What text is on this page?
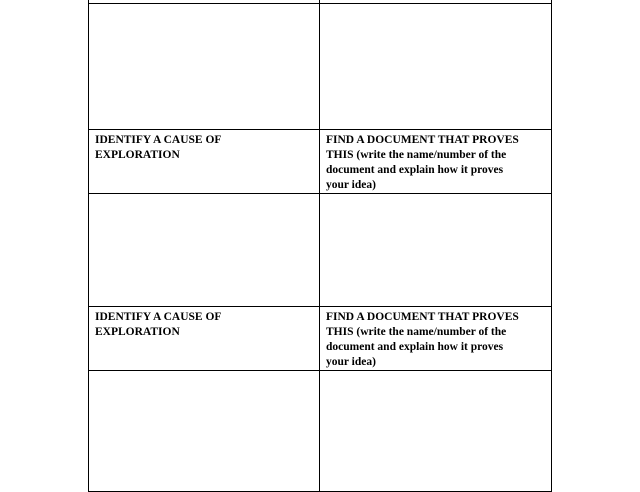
IDENTIFY A CAUSE OF
EXPLORATION	FIND A DOCUMENT THAT PROVES
THIS (write the name/number of the
document and explain how it proves
your idea)

IDENTIFY A CAUSE OF
EXPLORATION	FIND A DOCUMENT THAT PROVES
THIS (write the name/number of the
document and explain how it proves
your idea)
